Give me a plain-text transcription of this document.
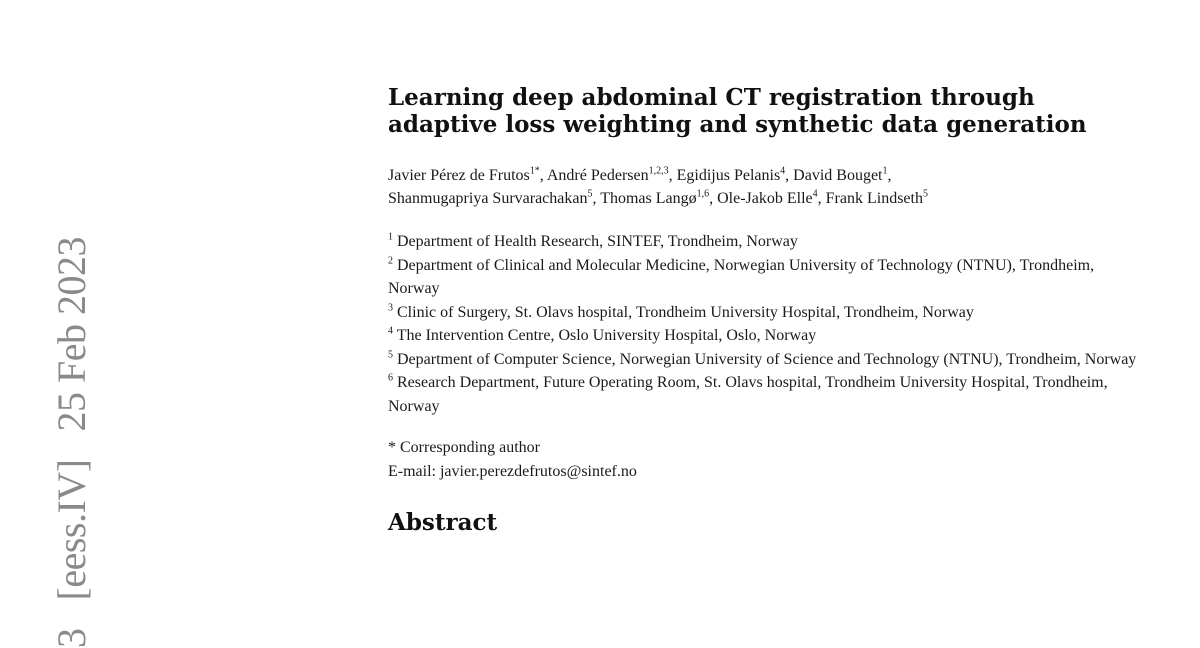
3[eess.IV]25 Feb 2023
Learning deep abdominal CT registration through adaptive loss weighting and synthetic data generation
Javier Pérez de Frutos$^{1*}$, André Pedersen$^{1,2,3}$, Egidijus Pelanis$^4$, David Bouget$^1$,
Shanmugapriya Survarachakan$^5$, Thomas Langø$^{1,6}$, Ole-Jakob Elle$^4$, Frank Lindseth$^5$
$^1$ Department of Health Research, SINTEF, Trondheim, Norway
$^2$ Department of Clinical and Molecular Medicine, Norwegian University of Technology (NTNU), Trondheim, Norway
$^3$ Clinic of Surgery, St. Olavs hospital, Trondheim University Hospital, Trondheim, Norway
$^4$ The Intervention Centre, Oslo University Hospital, Oslo, Norway
$^5$ Department of Computer Science, Norwegian University of Science and Technology (NTNU), Trondheim, Norway
$^6$ Research Department, Future Operating Room, St. Olavs hospital, Trondheim University Hospital, Trondheim, Norway
* Corresponding author
E-mail: javier.perezdefrutos@sintef.no
Abstract
